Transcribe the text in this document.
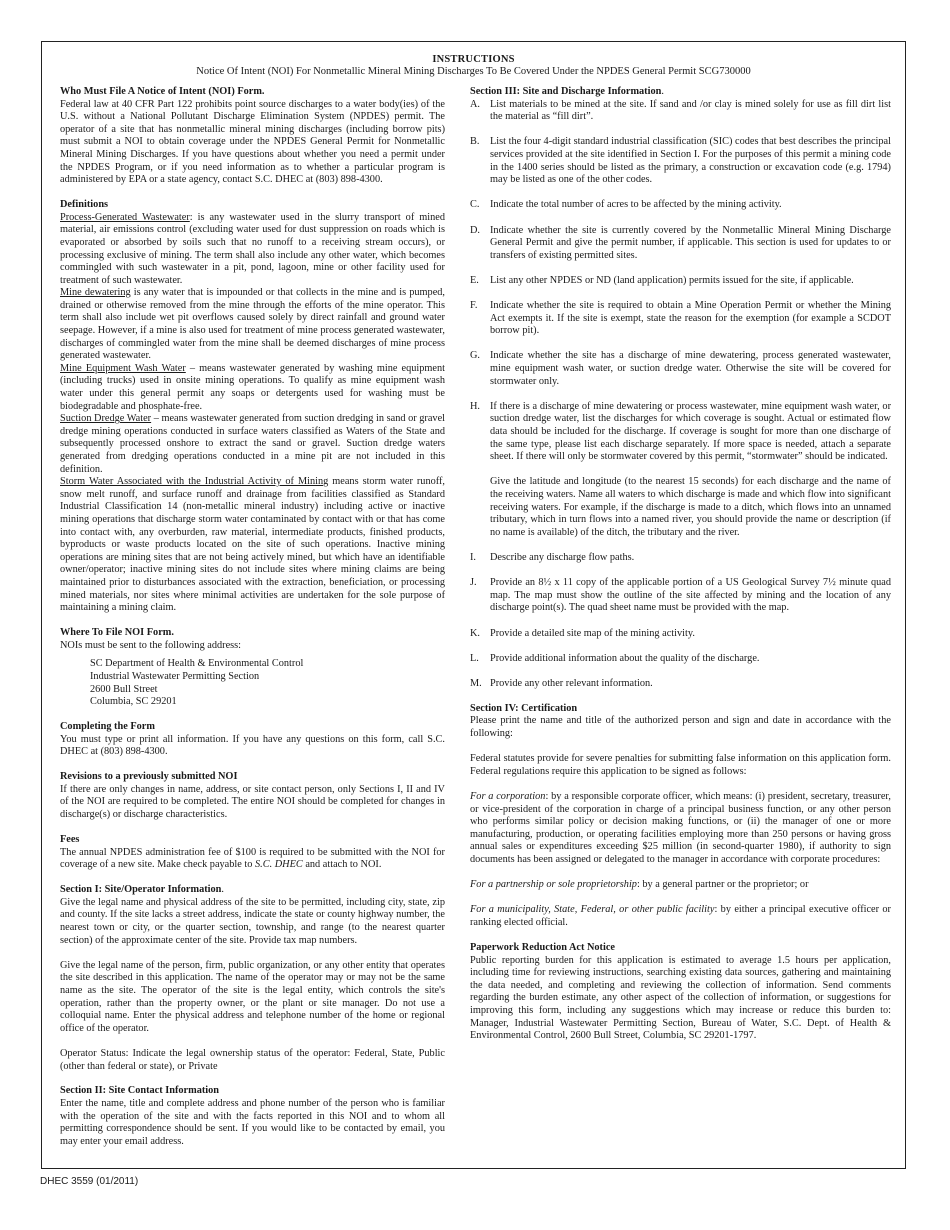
INSTRUCTIONS
Notice Of Intent (NOI) For Nonmetallic Mineral Mining Discharges To Be Covered Under the NPDES General Permit SCG730000
Who Must File A Notice of Intent (NOI) Form.

Federal law at 40 CFR Part 122 prohibits point source discharges to a water body(ies) of the U.S. without a National Pollutant Discharge Elimination System (NPDES) permit. The operator of a site that has nonmetallic mineral mining discharges (including borrow pits) must submit a NOI to obtain coverage under the NPDES General Permit for Nonmetallic Mineral Mining Discharges. If you have questions about whether you need a permit under the NPDES Program, or if you need information as to whether a particular program is administered by EPA or a state agency, contact S.C. DHEC at (803) 898-4300.

Definitions

Process-Generated Wastewater: is any wastewater used in the slurry transport of mined material, air emissions control (excluding water used for dust suppression on roads which is evaporated or absorbed by soils such that no runoff to a receiving stream occurs), or processing exclusive of mining. The term shall also include any other water, which becomes commingled with such wastewater in a pit, pond, lagoon, mine or other facility used for treatment of such wastewater.

Mine dewatering is any water that is impounded or that collects in the mine and is pumped, drained or otherwise removed from the mine through the efforts of the mine operator. This term shall also include wet pit overflows caused solely by direct rainfall and ground water seepage. However, if a mine is also used for treatment of mine process generated wastewater, discharges of commingled water from the mine shall be deemed discharges of mine process generated wastewater.

Mine Equipment Wash Water – means wastewater generated by washing mine equipment (including trucks) used in onsite mining operations. To qualify as mine equipment wash water under this general permit any soaps or detergents used for washing must be biodegradable and phosphate-free.

Suction Dredge Water – means wastewater generated from suction dredging in sand or gravel dredge mining operations conducted in surface waters classified as Waters of the State and subsequently processed onshore to extract the sand or gravel. Suction dredge waters generated from dredging operations conducted in a mine pit are not included in this definition.

Storm Water Associated with the Industrial Activity of Mining means storm water runoff, snow melt runoff, and surface runoff and drainage from facilities classified as Standard Industrial Classification 14 (non-metallic mineral industry) including active or inactive mining operations that discharge storm water contaminated by contact with or that has come into contact with, any overburden, raw material, intermediate products, finished products, byproducts or waste products located on the site of such operations. Inactive mining operations are mining sites that are not being actively mined, but which have an identifiable owner/operator; inactive mining sites do not include sites where mining claims are being maintained prior to disturbances associated with the extraction, beneficiation, or processing mined materials, nor sites where minimal activities are undertaken for the sole purpose of maintaining a mining claim.

Where To File NOI Form.

NOIs must be sent to the following address:

SC Department of Health & Environmental Control
Industrial Wastewater Permitting Section
2600 Bull Street
Columbia, SC 29201
Completing the Form

You must type or print all information. If you have any questions on this form, call S.C. DHEC at (803) 898-4300.

Revisions to a previously submitted NOI

If there are only changes in name, address, or site contact person, only Sections I, II and IV of the NOI are required to be completed. The entire NOI should be completed for changes in discharge(s) or discharge characteristics.

Fees

The annual NPDES administration fee of $100 is required to be submitted with the NOI for coverage of a new site. Make check payable to S.C. DHEC and attach to NOI.

Section I: Site/Operator Information.

Give the legal name and physical address of the site to be permitted, including city, state, zip and county. If the site lacks a street address, indicate the state or county highway number, the nearest town or city, or the quarter section, township, and range (to the nearest quarter section) of the approximate center of the site. Provide tax map numbers.

Give the legal name of the person, firm, public organization, or any other entity that operates the site described in this application. The name of the operator may or may not be the same name as the site. The operator of the site is the legal entity, which controls the site's operation, rather than the property owner, or the plant or site manager. Do not use a colloquial name. Enter the physical address and telephone number of the home or regional office of the operator.

Operator Status: Indicate the legal ownership status of the operator: Federal, State, Public (other than federal or state), or Private

Section II: Site Contact Information

Enter the name, title and complete address and phone number of the person who is familiar with the operation of the site and with the facts reported in this NOI and to whom all permitting correspondence should be sent. If you would like to be contacted by email, you may enter your email address.

Section III: Site and Discharge Information.
A. List materials to be mined at the site. If sand and /or clay is mined solely for use as fill dirt list the material as “fill dirt”.
B.	List the four 4-digit standard industrial classification (SIC) codes that best describes the principal services provided at the site identified in Section I. For the purposes of this permit a mining code in the 1400 series should be listed as the primary, a construction or excavation code (e.g. 1794) may be listed as one of the other codes.
C.	Indicate the total number of acres to be affected by the mining activity.
D. Indicate whether the site is currently covered by the Nonmetallic Mineral Mining Discharge General Permit and give the permit number, if applicable. This section is used for updates to or transfers of existing permitted sites.
E.	List any other NPDES or ND (land application) permits issued for the site, if applicable.
F.	Indicate whether the site is required to obtain a Mine Operation Permit or whether the Mining Act exempts it. If the site is exempt, state the reason for the exemption (for example a SCDOT borrow pit).
G. Indicate whether the site has a discharge of mine dewatering, process generated wastewater, mine equipment wash water, or suction dredge water. Otherwise the site will be covered for stormwater only.
H. If there is a discharge of mine dewatering or process wastewater, mine equipment wash water, or suction dredge water, list the discharges for which coverage is sought. Actual or estimated flow data should be included for the discharge. If coverage is sought for more than one discharge of the same type, please list each discharge separately. If more space is needed, attach a separate sheet. If there will only be stormwater covered by this permit, “stormwater” should be indicated.

Give the latitude and longitude (to the nearest 15 seconds) for each discharge and the name of the receiving waters. Name all waters to which discharge is made and which flow into significant receiving waters. For example, if the discharge is made to a ditch, which flows into an unnamed tributary, which in turn flows into a named river, you should provide the name or description (if no name is available) of the ditch, the tributary and the river.

I.	Describe any discharge flow paths.
J.	Provide an 8½ x 11 copy of the applicable portion of a US Geological Survey 7½ minute quad map. The map must show the outline of the site affected by mining and the location of any discharge point(s). The quad sheet name must be provided with the map.
K. Provide a detailed site map of the mining activity.
L.	Provide additional information about the quality of the discharge.
M. Provide any other relevant information.
Section IV: Certification

Please print the name and title of the authorized person and sign and date in accordance with the following:

Federal statutes provide for severe penalties for submitting false information on this application form. Federal regulations require this application to be signed as follows:

For a corporation: by a responsible corporate officer, which means: (i) president, secretary, treasurer, or vice-president of the corporation in charge of a principal business function, or any other person who performs similar policy or decision making functions, or (ii) the manager of one or more manufacturing, production, or operating facilities employing more than 250 persons or having gross annual sales or expenditures exceeding $25 million (in second-quarter 1980), if authority to sign documents has been assigned or delegated to the manager in accordance with corporate procedures:

For a partnership or sole proprietorship: by a general partner or the proprietor; or

For a municipality, State, Federal, or other public facility: by either a principal executive officer or ranking elected official.

Paperwork Reduction Act Notice

Public reporting burden for this application is estimated to average 1.5 hours per application, including time for reviewing instructions, searching existing data sources, gathering and maintaining the data needed, and completing and reviewing the collection of information. Send comments regarding the burden estimate, any other aspect of the collection of information, or suggestions for improving this form, including any suggestions which may increase or reduce this burden to: Manager, Industrial Wastewater Permitting Section, Bureau of Water, S.C. Dept. of Health & Environmental Control, 2600 Bull Street, Columbia, SC 29201-1797.

DHEC 3559 (01/2011)
